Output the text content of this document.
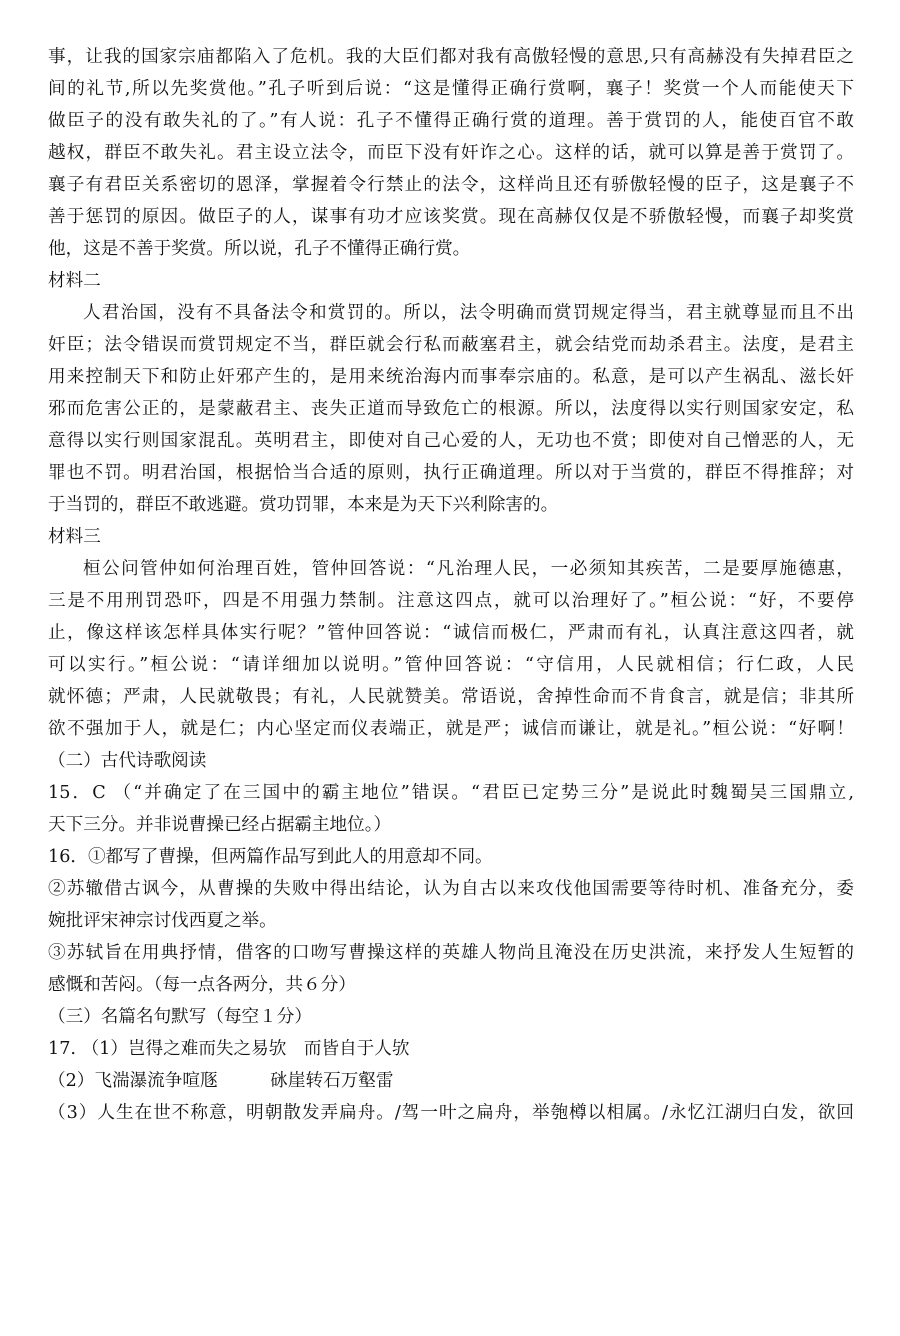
事，让我的国家宗庙都陷入了危机。我的大臣们都对我有高傲轻慢的意思,只有高赫没有失掉君臣之
间的礼节,所以先奖赏他。”孔子听到后说：“这是懂得正确行赏啊，襄子！奖赏一个人而能使天下
做臣子的没有敢失礼的了。”有人说：孔子不懂得正确行赏的道理。善于赏罚的人，能使百官不敢
越权，群臣不敢失礼。君主设立法令，而臣下没有奸诈之心。这样的话，就可以算是善于赏罚了。
襄子有君臣关系密切的恩泽，掌握着令行禁止的法令，这样尚且还有骄傲轻慢的臣子，这是襄子不
善于惩罚的原因。做臣子的人，谋事有功才应该奖赏。现在高赫仅仅是不骄傲轻慢，而襄子却奖赏
他，这是不善于奖赏。所以说，孔子不懂得正确行赏。
材料二
人君治国，没有不具备法令和赏罚的。所以，法令明确而赏罚规定得当，君主就尊显而且不出
奸臣；法令错误而赏罚规定不当，群臣就会行私而蔽塞君主，就会结党而劫杀君主。法度，是君主
用来控制天下和防止奸邪产生的，是用来统治海内而事奉宗庙的。私意，是可以产生祸乱、滋长奸
邪而危害公正的，是蒙蔽君主、丧失正道而导致危亡的根源。所以，法度得以实行则国家安定，私
意得以实行则国家混乱。英明君主，即使对自己心爱的人，无功也不赏；即使对自己憎恶的人，无
罪也不罚。明君治国，根据恰当合适的原则，执行正确道理。所以对于当赏的，群臣不得推辞；对
于当罚的，群臣不敢逃避。赏功罚罪，本来是为天下兴利除害的。
材料三
桓公问管仲如何治理百姓，管仲回答说：“凡治理人民，一必须知其疾苦，二是要厚施德惠，
三是不用刑罚恐吓，四是不用强力禁制。注意这四点，就可以治理好了。”桓公说：“好，不要停
止，像这样该怎样具体实行呢？”管仲回答说：“诚信而极仁，严肃而有礼，认真注意这四者，就
可以实行。”桓公说：“请详细加以说明。”管仲回答说：“守信用，人民就相信；行仁政，人民
就怀德；严肃，人民就敬畏；有礼，人民就赞美。常语说，舍掉性命而不肯食言，就是信；非其所
欲不强加于人，就是仁；内心坚定而仪表端正，就是严；诚信而谦让，就是礼。”桓公说：“好啊！
（二）古代诗歌阅读
15．C （“并确定了在三国中的霸主地位”错误。“君臣已定势三分”是说此时魏蜀吴三国鼎立,
天下三分。并非说曹操已经占据霸主地位。）
16．①都写了曹操，但两篇作品写到此人的用意却不同。
②苏辙借古讽今，从曹操的失败中得出结论，认为自古以来攻伐他国需要等待时机、准备充分，委
婉批评宋神宗讨伐西夏之举。
③苏轼旨在用典抒情，借客的口吻写曹操这样的英雄人物尚且淹没在历史洪流，来抒发人生短暂的
感慨和苦闷。（每一点各两分，共６分）
（三）名篇名句默写（每空１分）
17. （1）岂得之难而失之易欤　而皆自于人欤
（2）飞湍瀑流争喧豗　　　砯崖转石万壑雷
（3）人生在世不称意，明朝散发弄扁舟。/驾一叶之扁舟，举匏樽以相属。/永忆江湖归白发，欲回
